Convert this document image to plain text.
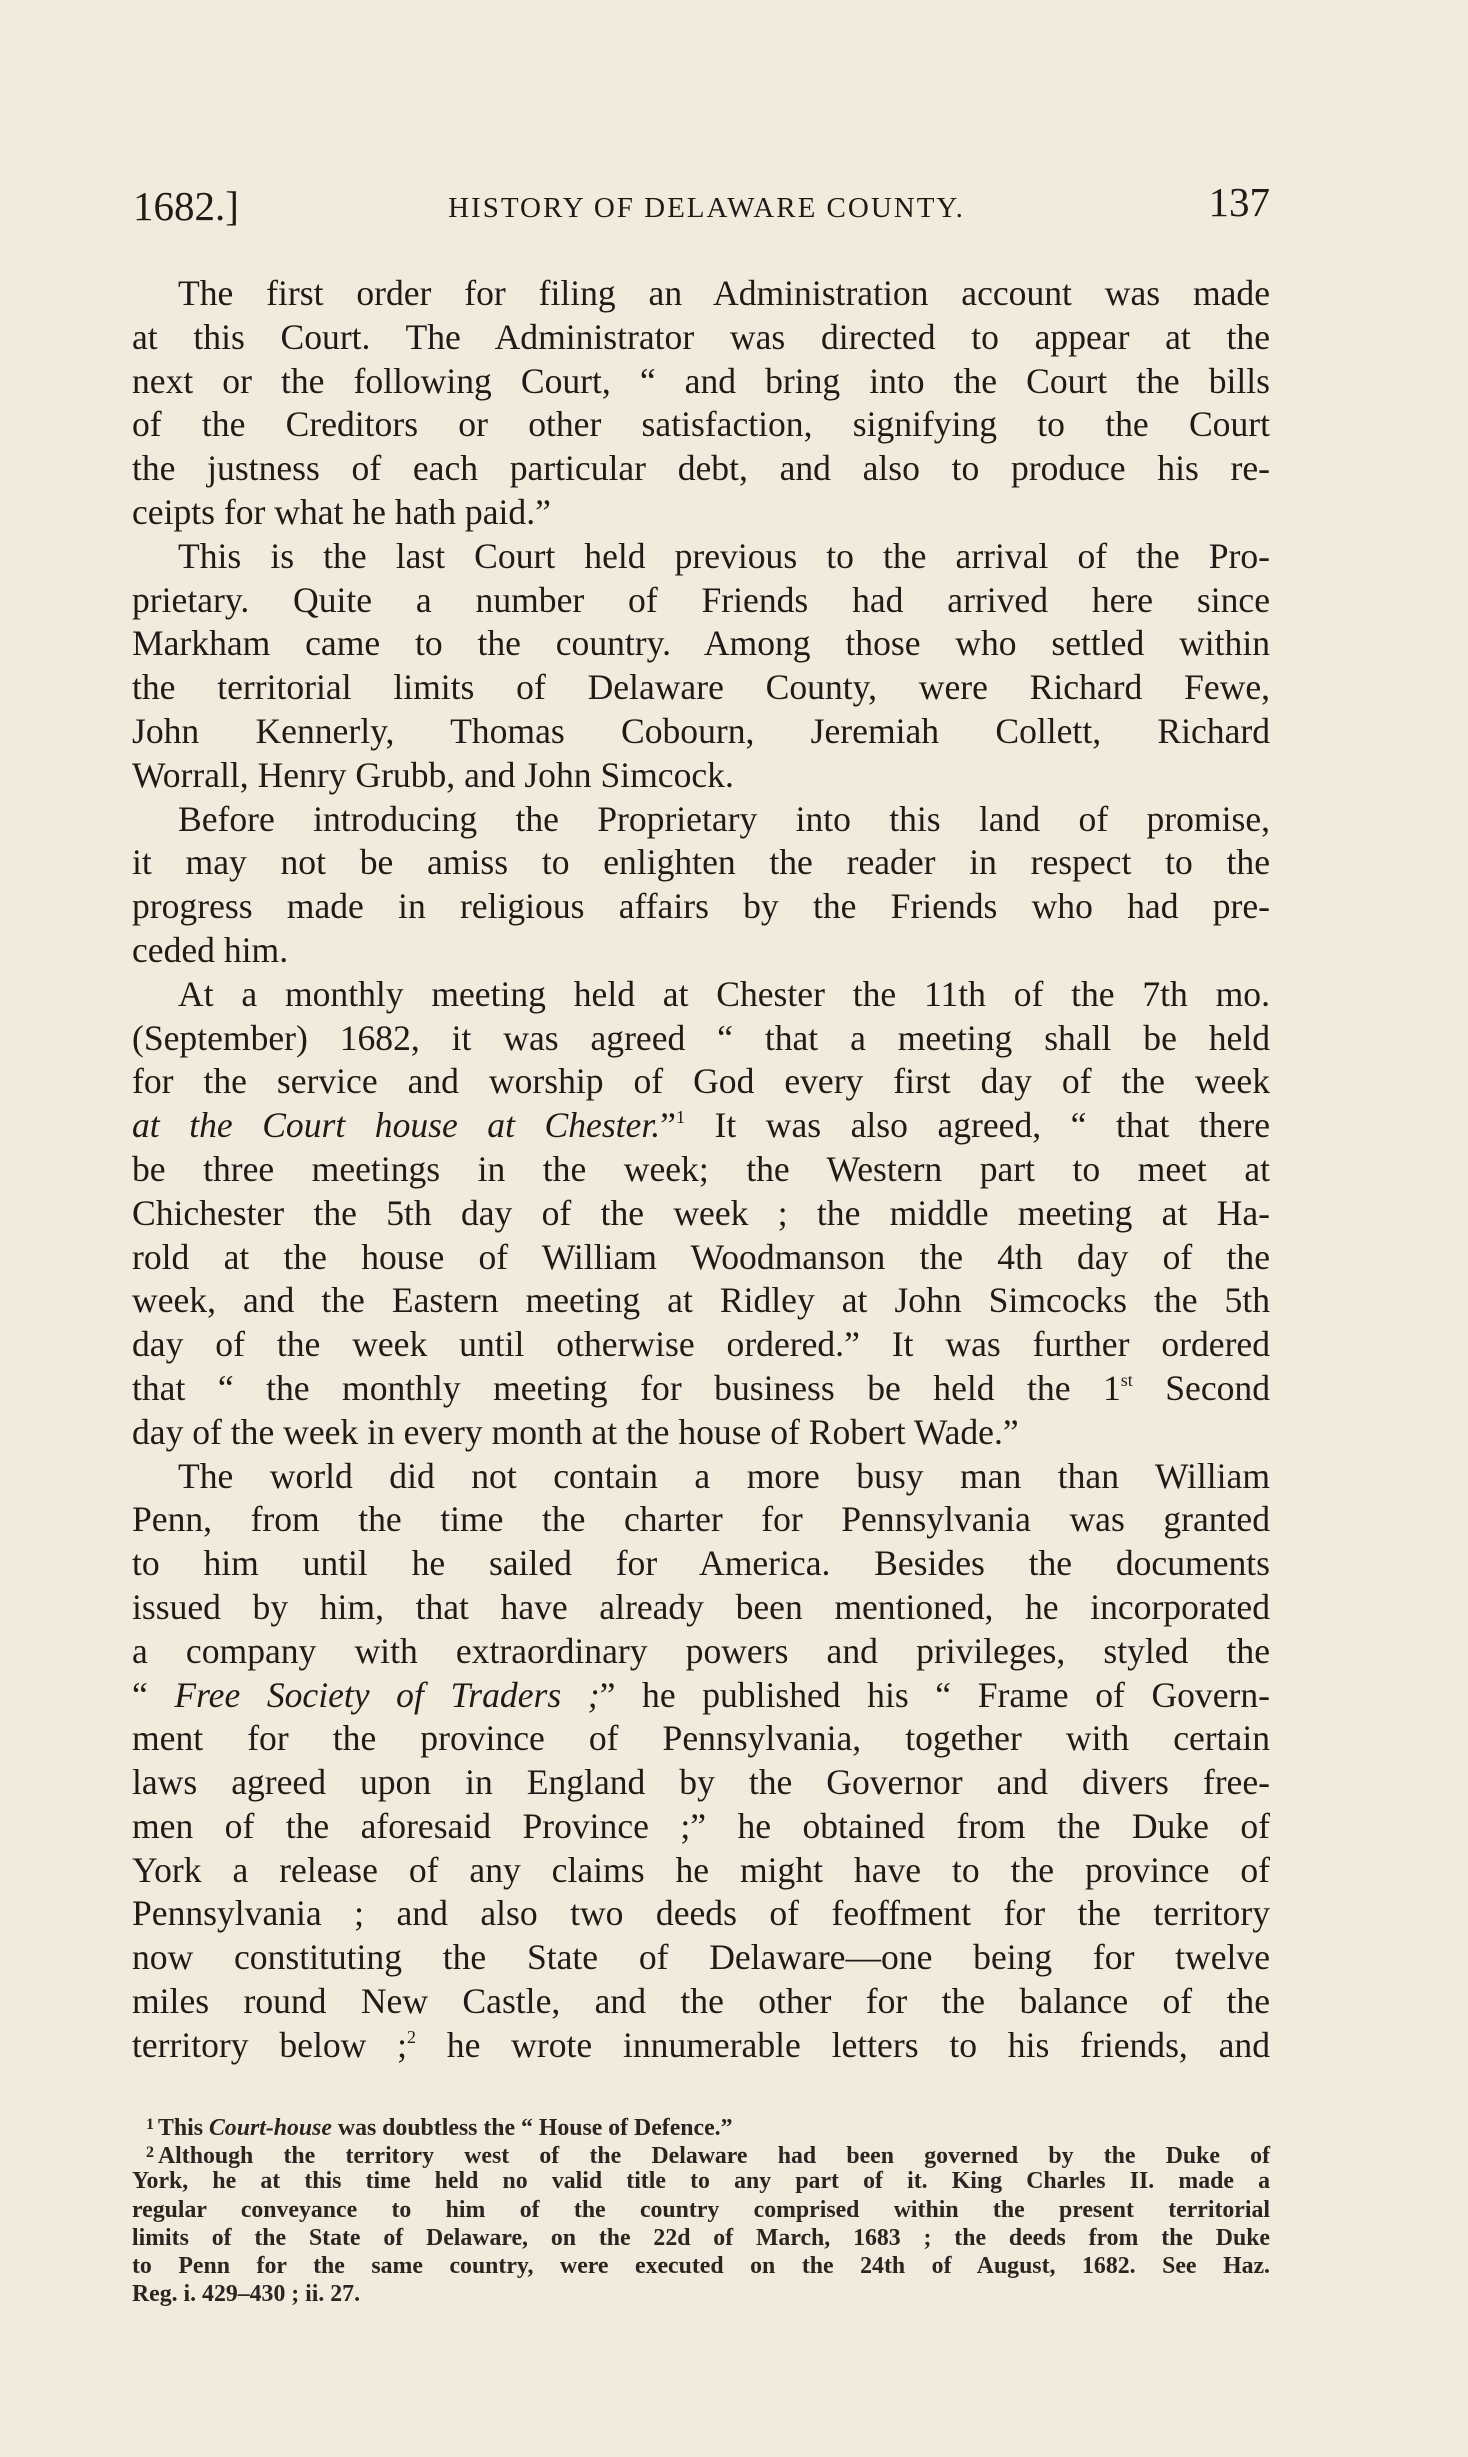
1682.]	HISTORY OF DELAWARE COUNTY.	137
The first order for filing an Administration account was made
at this Court. The Administrator was directed to appear at the
next or the following Court, “ and bring into the Court the bills
of the Creditors or other satisfaction, signifying to the Court
the justness of each particular debt, and also to produce his re-
ceipts for what he hath paid.”
This is the last Court held previous to the arrival of the Pro-
prietary. Quite a number of Friends had arrived here since
Markham came to the country. Among those who settled within
the territorial limits of Delaware County, were Richard Fewe,
John Kennerly, Thomas Cobourn, Jeremiah Collett, Richard
Worrall, Henry Grubb, and John Simcock.
Before introducing the Proprietary into this land of promise,
it may not be amiss to enlighten the reader in respect to the
progress made in religious affairs by the Friends who had pre-
ceded him.
At a monthly meeting held at Chester the 11th of the 7th mo.
(September) 1682, it was agreed “ that a meeting shall be held
for the service and worship of God every first day of the week
at the Court house at Chester.”$^1$ It was also agreed, “ that there
be three meetings in the week; the Western part to meet at
Chichester the 5th day of the week ; the middle meeting at Ha-
rold at the house of William Woodmanson the 4th day of the
week, and the Eastern meeting at Ridley at John Simcocks the 5th
day of the week until otherwise ordered.” It was further ordered
that “ the monthly meeting for business be held the 1st Second
day of the week in every month at the house of Robert Wade.”
The world did not contain a more busy man than William
Penn, from the time the charter for Pennsylvania was granted
to him until he sailed for America. Besides the documents
issued by him, that have already been mentioned, he incorporated
a company with extraordinary powers and privileges, styled the
“ Free Society of Traders ;” he published his “ Frame of Govern-
ment for the province of Pennsylvania, together with certain
laws agreed upon in England by the Governor and divers free-
men of the aforesaid Province ;” he obtained from the Duke of
York a release of any claims he might have to the province of
Pennsylvania ; and also two deeds of feoffment for the territory
now constituting the State of Delaware—one being for twelve
miles round New Castle, and the other for the balance of the
territory below ;$^2$ he wrote innumerable letters to his friends, and
$^1$ This Court-house was doubtless the “ House of Defence.”
$^2$ Although the territory west of the Delaware had been governed by the Duke of
York, he at this time held no valid title to any part of it. King Charles II. made a
regular conveyance to him of the country comprised within the present territorial
limits of the State of Delaware, on the 22d of March, 1683 ; the deeds from the Duke
to Penn for the same country, were executed on the 24th of August, 1682. See Haz.
Reg. i. 429–430 ; ii. 27.
